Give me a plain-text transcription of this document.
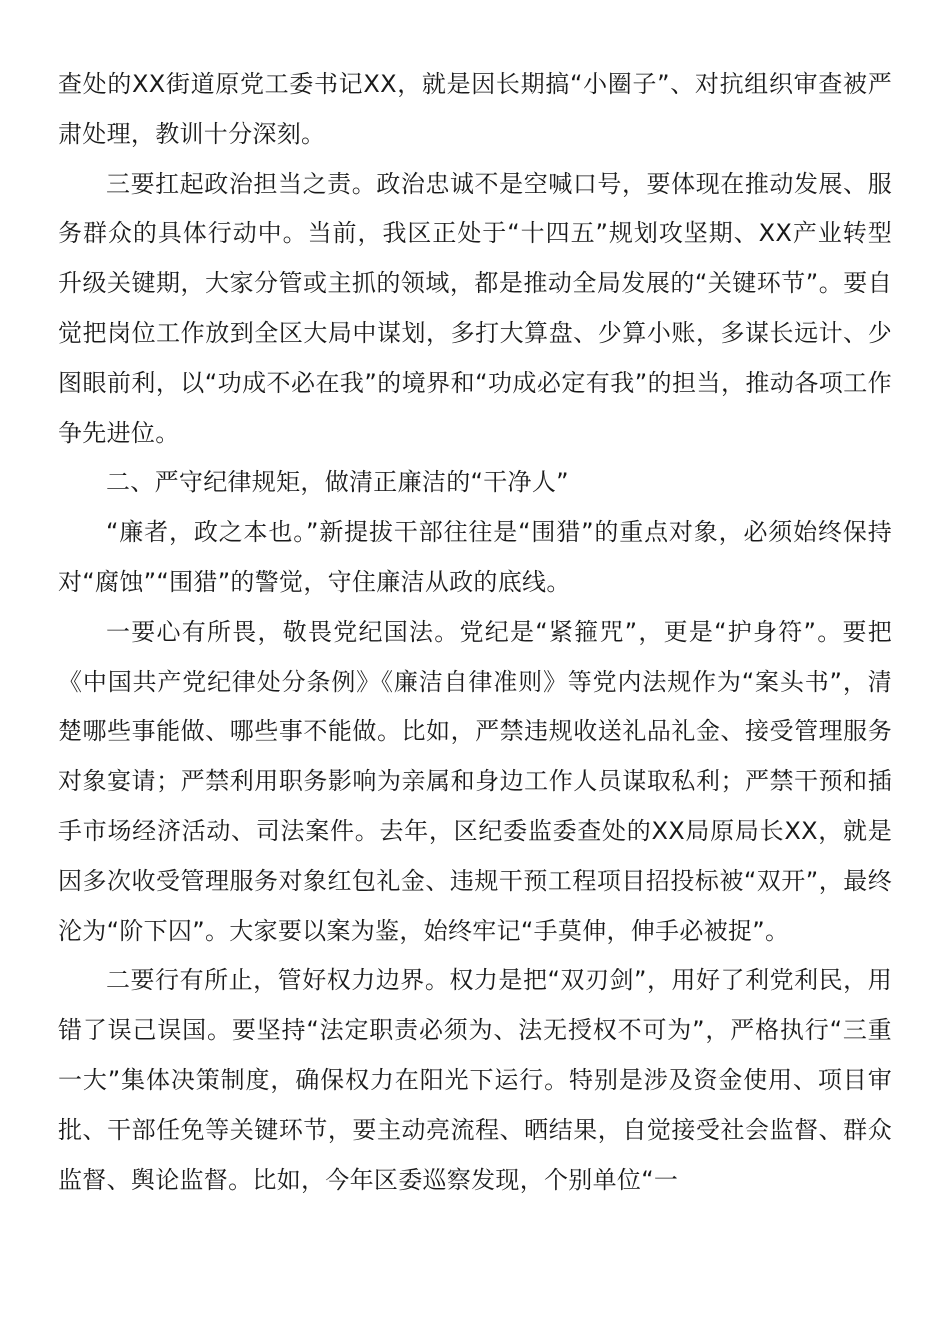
查处的XX街道原党工委书记XX，就是因长期搞“小圈子”、对抗组织审查被严肃处理，教训十分深刻。

三要扛起政治担当之责。政治忠诚不是空喊口号，要体现在推动发展、服务群众的具体行动中。当前，我区正处于“十四五”规划攻坚期、XX产业转型升级关键期，大家分管或主抓的领域，都是推动全局发展的“关键环节”。要自觉把岗位工作放到全区大局中谋划，多打大算盘、少算小账，多谋长远计、少图眼前利，以“功成不必在我”的境界和“功成必定有我”的担当，推动各项工作争先进位。

二、严守纪律规矩，做清正廉洁的“干净人”

“廉者，政之本也。”新提拔干部往往是“围猎”的重点对象，必须始终保持对“腐蚀”“围猎”的警觉，守住廉洁从政的底线。

一要心有所畏，敬畏党纪国法。党纪是“紧箍咒”，更是“护身符”。要把《中国共产党纪律处分条例》《廉洁自律准则》等党内法规作为“案头书”，清楚哪些事能做、哪些事不能做。比如，严禁违规收送礼品礼金、接受管理服务对象宴请；严禁利用职务影响为亲属和身边工作人员谋取私利；严禁干预和插手市场经济活动、司法案件。去年，区纪委监委查处的XX局原局长XX，就是因多次收受管理服务对象红包礼金、违规干预工程项目招投标被“双开”，最终沦为“阶下囚”。大家要以案为鉴，始终牢记“手莫伸，伸手必被捉”。

二要行有所止，管好权力边界。权力是把“双刃剑”，用好了利党利民，用错了误己误国。要坚持“法定职责必须为、法无授权不可为”，严格执行“三重一大”集体决策制度，确保权力在阳光下运行。特别是涉及资金使用、项目审批、干部任免等关键环节，要主动亮流程、晒结果，自觉接受社会监督、群众监督、舆论监督。比如，今年区委巡察发现，个别单位“一
